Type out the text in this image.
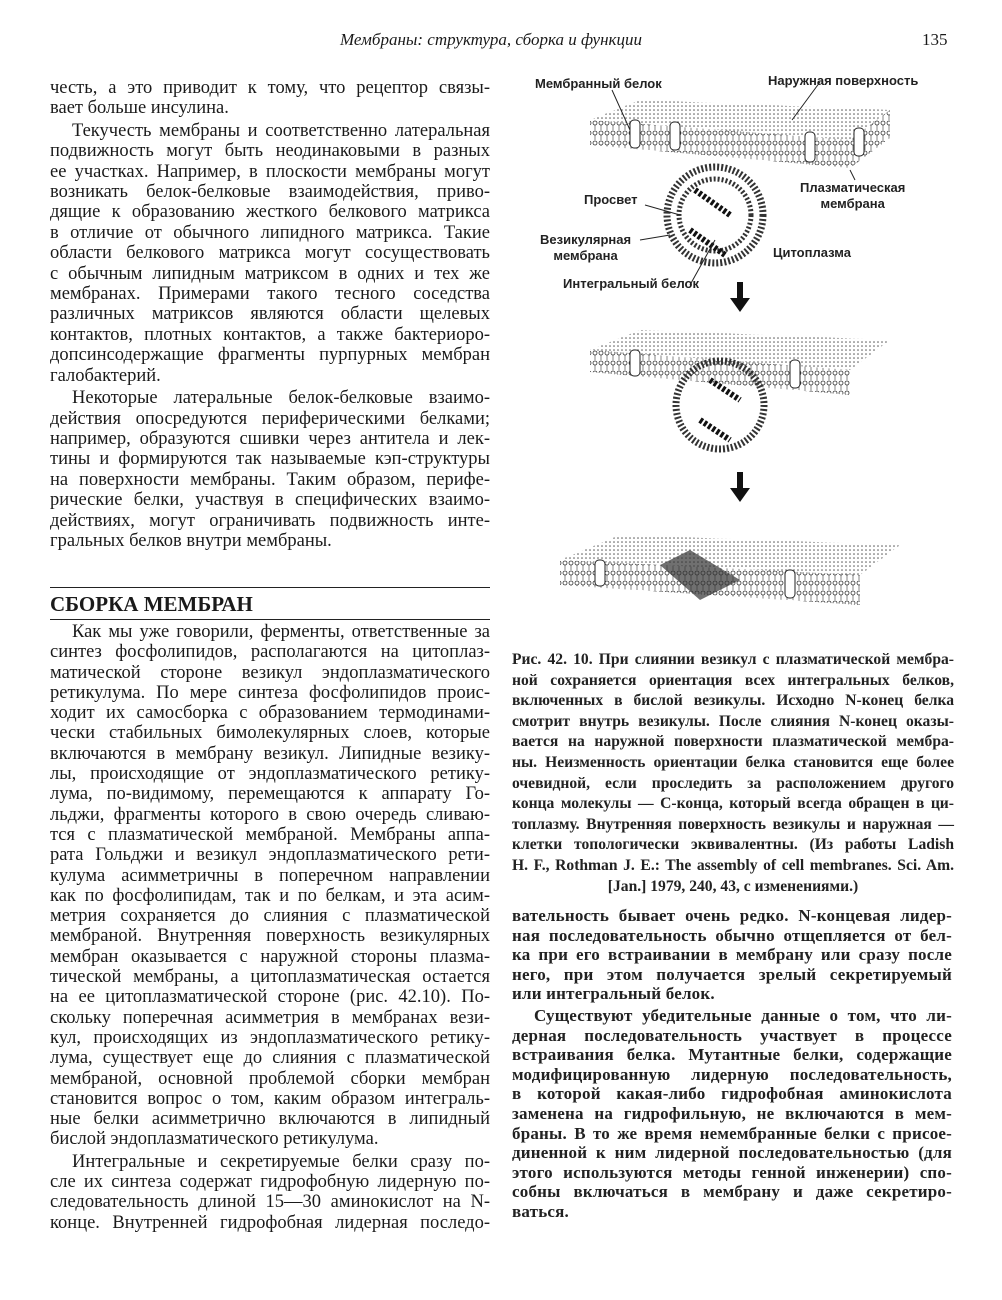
Мембраны: структура, сборка и функции	135
честь, а это приводит к тому, что рецептор связы-
вает больше инсулина.
Текучесть мембраны и соответственно латеральная
подвижность могут быть неодинаковыми в разных
ее участках. Например, в плоскости мембраны могут
возникать белок-белковые взаимодействия, приво-
дящие к образованию жесткого белкового матрикса
в отличие от обычного липидного матрикса. Такие
области белкового матрикса могут сосуществовать
с обычным липидным матриксом в одних и тех же
мембранах. Примерами такого тесного соседства
различных матриксов являются области щелевых
контактов, плотных контактов, а также бактериоро-
допсинсодержащие фрагменты пурпурных мембран
галобактерий.
Некоторые латеральные белок-белковые взаимо-
действия опосредуются периферическими белками;
например, образуются сшивки через антитела и лек-
тины и формируются так называемые кэп-структуры
на поверхности мембраны. Таким образом, перифе-
рические белки, участвуя в специфических взаимо-
действиях, могут ограничивать подвижность инте-
гральных белков внутри мембраны.
СБОРКА МЕМБРАН
Как мы уже говорили, ферменты, ответственные за
синтез фосфолипидов, располагаются на цитоплаз-
матической стороне везикул эндоплазматического
ретикулума. По мере синтеза фосфолипидов проис-
ходит их самосборка с образованием термодинами-
чески стабильных бимолекулярных слоев, которые
включаются в мембрану везикул. Липидные везику-
лы, происходящие от эндоплазматического ретику-
лума, по-видимому, перемещаются к аппарату Го-
льджи, фрагменты которого в свою очередь сливаю-
тся с плазматической мембраной. Мембраны аппа-
рата Гольджи и везикул эндоплазматического рети-
кулума асимметричны в поперечном направлении
как по фосфолипидам, так и по белкам, и эта асим-
метрия сохраняется до слияния с плазматической
мембраной. Внутренняя поверхность везикулярных
мембран оказывается с наружной стороны плазма-
тической мембраны, а цитоплазматическая остается
на ее цитоплазматической стороне (рис. 42.10). По-
скольку поперечная асимметрия в мембранах вези-
кул, происходящих из эндоплазматического ретику-
лума, существует еще до слияния с плазматической
мембраной, основной проблемой сборки мембран
становится вопрос о том, каким образом интеграль-
ные белки асимметрично включаются в липидный
бислой эндоплазматического ретикулума.
Интегральные и секретируемые белки сразу по-
сле их синтеза содержат гидрофобную лидерную по-
следовательность длиной 15—30 аминокислот на N-
конце. Внутренней гидрофобная лидерная последо-
вательность бывает очень редко. N-концевая лидер-
ная последовательность обычно отщепляется от бел-
ка при его встраивании в мембрану или сразу после
него, при этом получается зрелый секретируемый
или интегральный белок.
Существуют убедительные данные о том, что ли-
дерная последовательность участвует в процессе
встраивания белка. Мутантные белки, содержащие
модифицированную лидерную последовательность,
в которой какая-либо гидрофобная аминокислота
заменена на гидрофильную, не включаются в мем-
браны. В то же время немембранные белки с присое-
диненной к ним лидерной последовательностью (для
этого используются методы генной инженерии) спо-
собны включаться в мембрану и даже секретиро-
ваться.
Мембранный белок	Наружная поверхность
Просвет
Плазматическая
мембрана
Везикулярная
мембрана	Цитоплазма
Интегральный белок
Рис. 42. 10. При слиянии везикул с плазматической мембра-
ной сохраняется ориентация всех интегральных белков,
включенных в бислой везикулы. Исходно N-конец белка
смотрит внутрь везикулы. После слияния N-конец оказы-
вается на наружной поверхности плазматической мембра-
ны. Неизменность ориентации белка становится еще более
очевидной, если проследить за расположением другого
конца молекулы — С-конца, который всегда обращен в ци-
топлазму. Внутренняя поверхность везикулы и наружная —
клетки топологически эквивалентны. (Из работы Ladish
H. F., Rothman J. E.: The assembly of cell membranes. Sci. Am.
[Jan.] 1979, 240, 43, с изменениями.)
